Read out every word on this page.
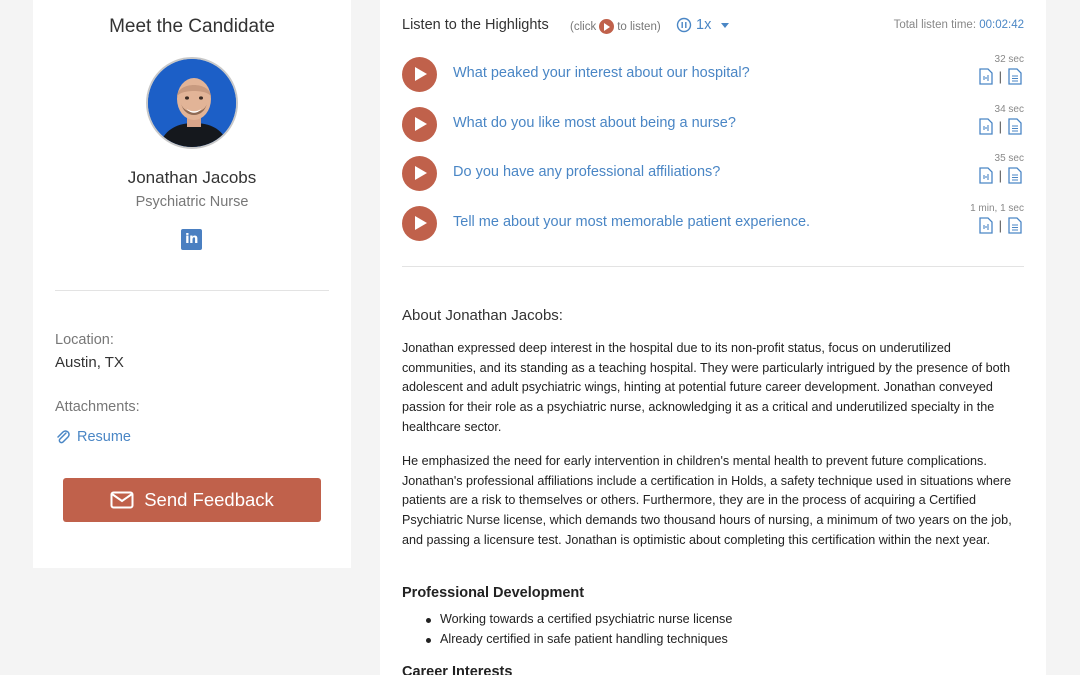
Meet the Candidate
Jonathan Jacobs
Psychiatric Nurse
in
Location:
Austin, TX
Attachments:
Resume
Send Feedback
Listen to the Highlights (click to listen) 1x	Total listen time: 00:02:42
What peaked your interest about our hospital?
32 sec
|
What do you like most about being a nurse?
34 sec
|
Do you have any professional affiliations?
35 sec
|
Tell me about your most memorable patient experience.
1 min, 1 sec
|
About Jonathan Jacobs:

Jonathan expressed deep interest in the hospital due to its non-profit status, focus on underutilized communities, and its standing as a teaching hospital. They were particularly intrigued by the presence of both adolescent and adult psychiatric wings, hinting at potential future career development. Jonathan conveyed passion for their role as a psychiatric nurse, acknowledging it as a critical and underutilized specialty in the healthcare sector.

He emphasized the need for early intervention in children's mental health to prevent future complications. Jonathan's professional affiliations include a certification in Holds, a safety technique used in situations where patients are a risk to themselves or others. Furthermore, they are in the process of acquiring a Certified Psychiatric Nurse license, which demands two thousand hours of nursing, a minimum of two years on the job, and passing a licensure test. Jonathan is optimistic about completing this certification within the next year.

Professional Development
Working towards a certified psychiatric nurse license
Already certified in safe patient handling techniques
Career Interests
